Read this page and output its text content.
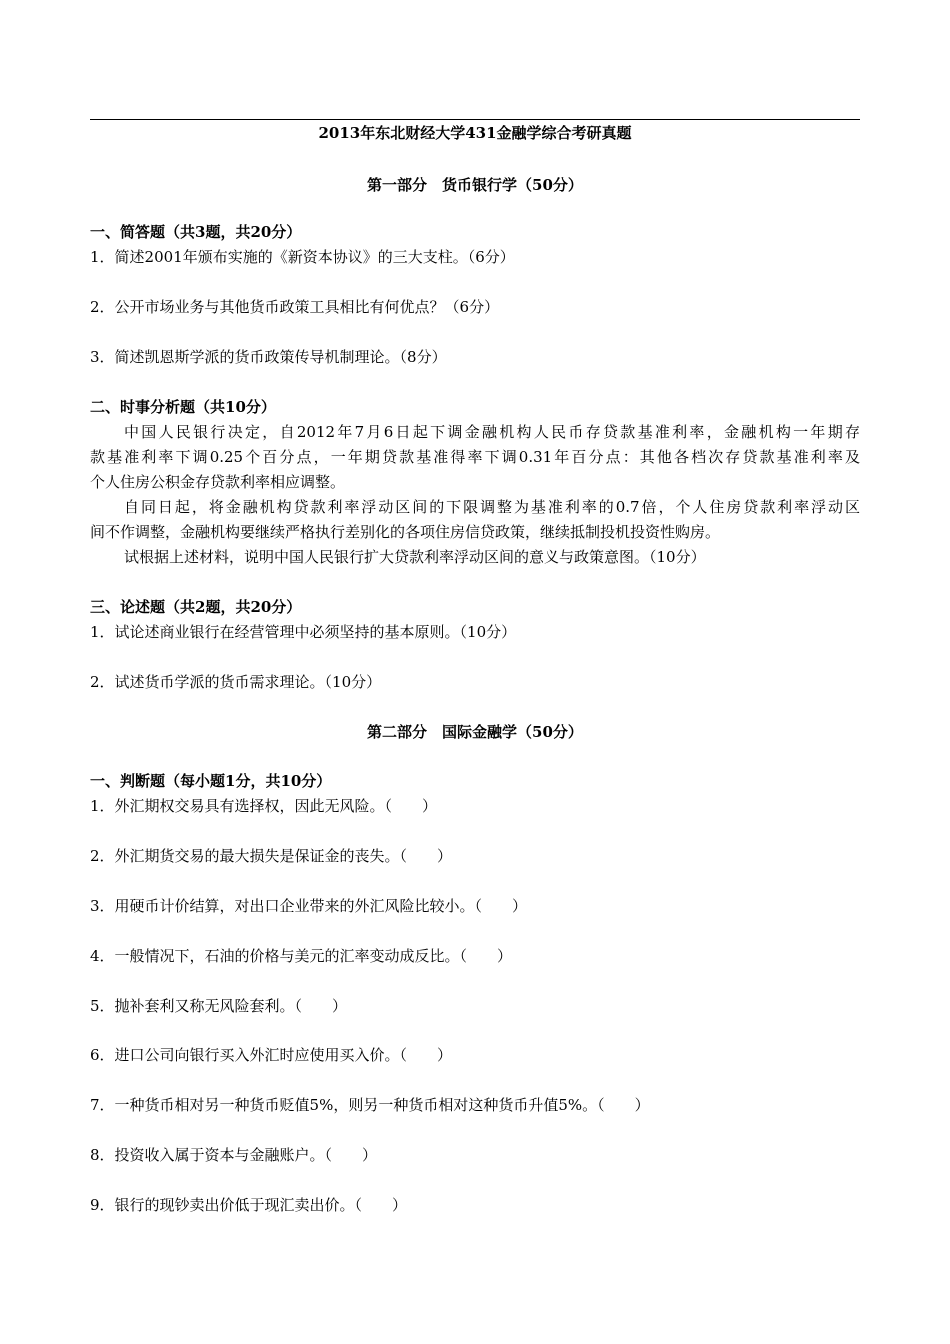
2013年东北财经大学431金融学综合考研真题
第一部分　货币银行学（50分）
一、简答题（共3题，共20分）
1．简述2001年颁布实施的《新资本协议》的三大支柱。（6分）
2．公开市场业务与其他货币政策工具相比有何优点？（6分）
3．简述凯恩斯学派的货币政策传导机制理论。（8分）
二、时事分析题（共10分）
中国人民银行决定，自2012年7月6日起下调金融机构人民币存贷款基准利率，金融机构一年期存
款基准利率下调0.25个百分点，一年期贷款基准得率下调0.31年百分点：其他各档次存贷款基准利率及
个人住房公积金存贷款利率相应调整。
自同日起，将金融机构贷款利率浮动区间的下限调整为基准利率的0.7倍，个人住房贷款利率浮动区
间不作调整，金融机构要继续严格执行差别化的各项住房信贷政策，继续抵制投机投资性购房。
试根据上述材料，说明中国人民银行扩大贷款利率浮动区间的意义与政策意图。（10分）
三、论述题（共2题，共20分）
1．试论述商业银行在经营管理中必须坚持的基本原则。（10分）
2．试述货币学派的货币需求理论。（10分）
第二部分　国际金融学（50分）
一、判断题（每小题1分，共10分）
1．外汇期权交易具有选择权，因此无风险。（　　）
2．外汇期货交易的最大损失是保证金的丧失。（　　）
3．用硬币计价结算，对出口企业带来的外汇风险比较小。（　　）
4．一般情况下，石油的价格与美元的汇率变动成反比。（　　）
5．抛补套利又称无风险套利。（　　）
6．进口公司向银行买入外汇时应使用买入价。（　　）
7．一种货币相对另一种货币贬值5%，则另一种货币相对这种货币升值5%。（　　）
8．投资收入属于资本与金融账户。（　　）
9．银行的现钞卖出价低于现汇卖出价。（　　）
